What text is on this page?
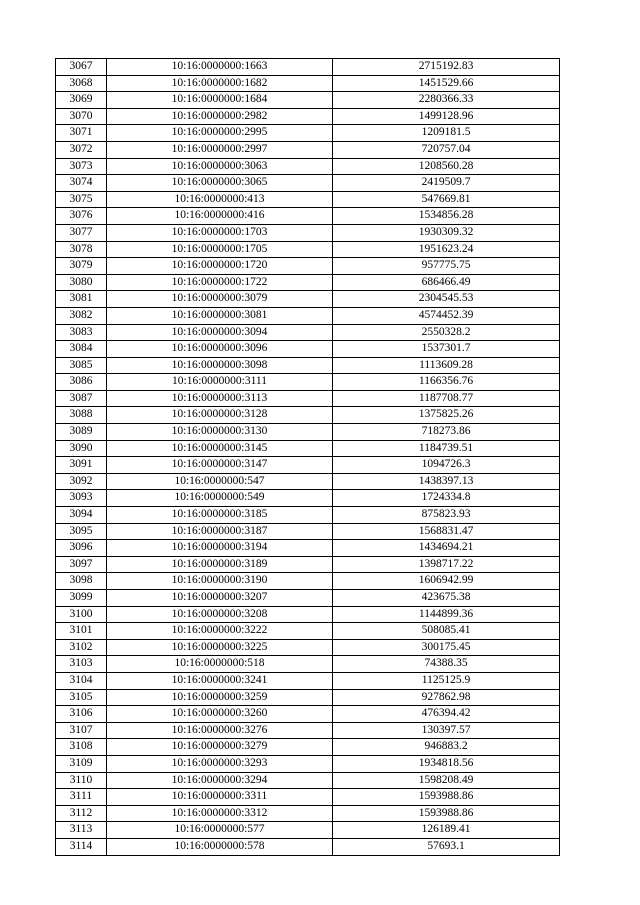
3067	10:16:0000000:1663	2715192.83
3068	10:16:0000000:1682	1451529.66
3069	10:16:0000000:1684	2280366.33
3070	10:16:0000000:2982	1499128.96
3071	10:16:0000000:2995	1209181.5
3072	10:16:0000000:2997	720757.04
3073	10:16:0000000:3063	1208560.28
3074	10:16:0000000:3065	2419509.7
3075	10:16:0000000:413	547669.81
3076	10:16:0000000:416	1534856.28
3077	10:16:0000000:1703	1930309.32
3078	10:16:0000000:1705	1951623.24
3079	10:16:0000000:1720	957775.75
3080	10:16:0000000:1722	686466.49
3081	10:16:0000000:3079	2304545.53
3082	10:16:0000000:3081	4574452.39
3083	10:16:0000000:3094	2550328.2
3084	10:16:0000000:3096	1537301.7
3085	10:16:0000000:3098	1113609.28
3086	10:16:0000000:3111	1166356.76
3087	10:16:0000000:3113	1187708.77
3088	10:16:0000000:3128	1375825.26
3089	10:16:0000000:3130	718273.86
3090	10:16:0000000:3145	1184739.51
3091	10:16:0000000:3147	1094726.3
3092	10:16:0000000:547	1438397.13
3093	10:16:0000000:549	1724334.8
3094	10:16:0000000:3185	875823.93
3095	10:16:0000000:3187	1568831.47
3096	10:16:0000000:3194	1434694.21
3097	10:16:0000000:3189	1398717.22
3098	10:16:0000000:3190	1606942.99
3099	10:16:0000000:3207	423675.38
3100	10:16:0000000:3208	1144899.36
3101	10:16:0000000:3222	508085.41
3102	10:16:0000000:3225	300175.45
3103	10:16:0000000:518	74388.35
3104	10:16:0000000:3241	1125125.9
3105	10:16:0000000:3259	927862.98
3106	10:16:0000000:3260	476394.42
3107	10:16:0000000:3276	130397.57
3108	10:16:0000000:3279	946883.2
3109	10:16:0000000:3293	1934818.56
3110	10:16:0000000:3294	1598208.49
3111	10:16:0000000:3311	1593988.86
3112	10:16:0000000:3312	1593988.86
3113	10:16:0000000:577	126189.41
3114	10:16:0000000:578	57693.1
